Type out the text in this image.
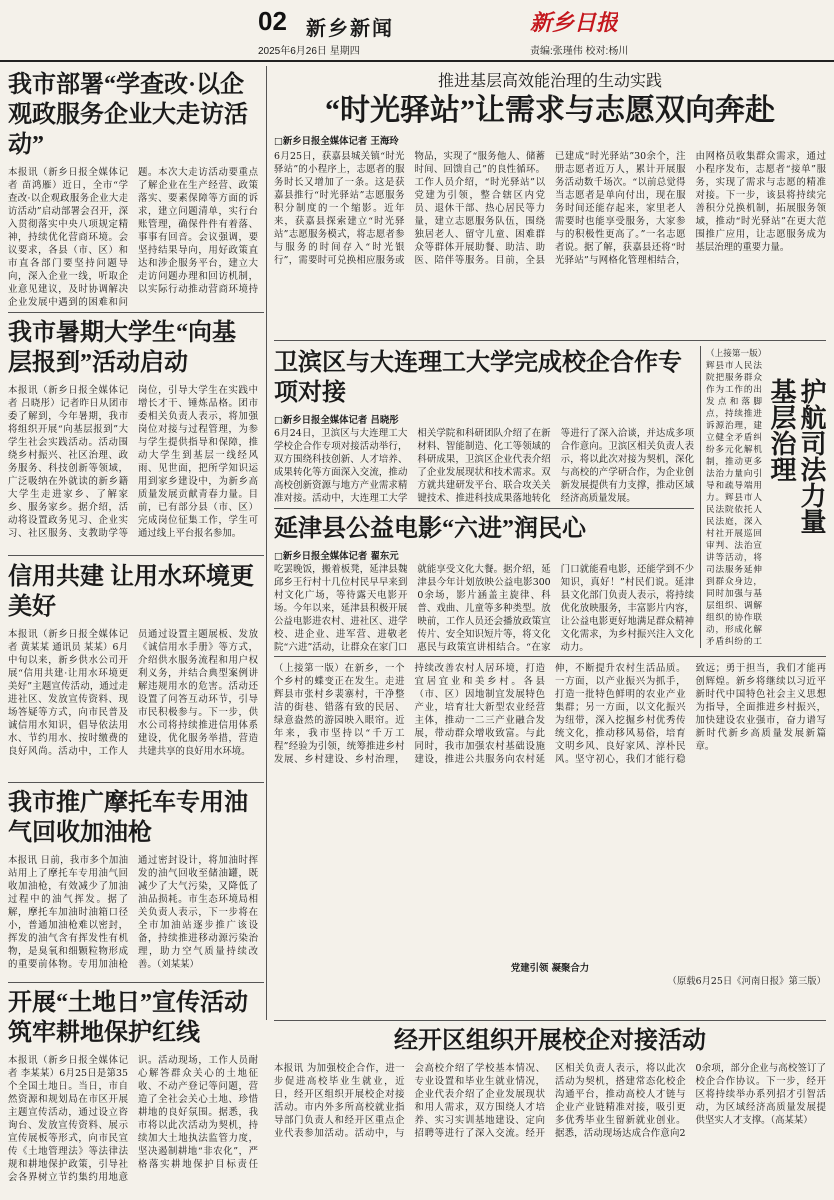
02 新乡新闻	新乡日报
2025年6月26日 星期四	责编:张瑾伟 校对:杨川
我市部署“学查改·以企观政服务企业大走访活动”
本报讯（新乡日报全媒体记者 苗鸿雁）近日，全市“学查改·以企观政服务企业大走访活动”启动部署会召开，深入贯彻落实中央八项规定精神，持续优化营商环境。会议要求，各县（市、区）和市直各部门要坚持问题导向，深入企业一线，听取企业意见建议，及时协调解决企业发展中遇到的困难和问题。本次大走访活动要重点了解企业在生产经营、政策落实、要素保障等方面的诉求，建立问题清单，实行台账管理，确保件件有着落、事事有回音。会议强调，要坚持结果导向，用好政策直达和涉企服务平台，建立大走访问题办理和回访机制，以实际行动推动营商环境持
我市暑期大学生“向基层报到”活动启动
本报讯（新乡日报全媒体记者 吕晓彤）记者昨日从团市委了解到，今年暑期，我市将组织开展“向基层报到”大学生社会实践活动。活动围绕乡村振兴、社区治理、政务服务、科技创新等领域，广泛吸纳在外就读的新乡籍大学生走进家乡、了解家乡、服务家乡。据介绍，活动将设置政务见习、企业实习、社区服务、支教助学等岗位，引导大学生在实践中增长才干、锤炼品格。团市委相关负责人表示，将加强岗位对接与过程管理，为参与学生提供指导和保障，推动大学生到基层一线经风雨、见世面，把所学知识运用到家乡建设中，为新乡高质量发展贡献青春力量。目前，已有部分县（市、区）完成岗位征集工作，学生可通过线上平台报名参加。
信用共建 让用水环境更美好
本报讯（新乡日报全媒体记者 黄某某 通讯员 某某）6月中旬以来，新乡供水公司开展“信用共建·让用水环境更美好”主题宣传活动，通过走进社区、发放宣传资料、现场答疑等方式，向市民普及诚信用水知识，倡导依法用水、节约用水、按时缴费的良好风尚。活动中，工作人员通过设置主题展板、发放《诚信用水手册》等方式，介绍供水服务流程和用户权利义务，并结合典型案例讲解违规用水的危害。活动还设置了问答互动环节，引导市民积极参与。下一步，供水公司将持续推进信用体系建设，优化服务举措，营造共建共享的良好用水环境。
我市推广摩托车专用油气回收加油枪
本报讯 日前，我市多个加油站用上了摩托车专用油气回收加油枪，有效减少了加油过程中的油气挥发。据了解，摩托车加油时油箱口径小，普通加油枪难以密封，挥发的油气含有挥发性有机物，是臭氧和细颗粒物形成的重要前体物。专用加油枪通过密封设计，将加油时挥发的油气回收至储油罐，既减少了大气污染，又降低了油品损耗。市生态环境局相关负责人表示，下一步将在全市加油站逐步推广该设备，持续推进移动源污染治理，助力空气质量持续改善。（刘某某）
开展“土地日”宣传活动 筑牢耕地保护红线
本报讯（新乡日报全媒体记者 李某某）6月25日是第35个全国土地日。当日，市自然资源和规划局在市区开展主题宣传活动，通过设立咨询台、发放宣传资料、展示宣传展板等形式，向市民宣传《土地管理法》等法律法规和耕地保护政策，引导社会各界树立节约集约用地意识。活动现场，工作人员耐心解答群众关心的土地征收、不动产登记等问题，营造了全社会关心土地、珍惜耕地的良好氛围。据悉，我市将以此次活动为契机，持续加大土地执法监管力度，坚决遏制耕地“非农化”，严格落实耕地保护目标责任
推进基层高效能治理的生动实践
“时光驿站”让需求与志愿双向奔赴
□新乡日报全媒体记者 王海玲
6月25日，获嘉县城关镇“时光驿站”的小程序上，志愿者的服务时长又增加了一条。这是获嘉县推行“时光驿站”志愿服务积分制度的一个缩影。近年来，获嘉县探索建立“时光驿站”志愿服务模式，将志愿者参与服务的时间存入“时光银行”，需要时可兑换相应服务或物品，实现了“服务他人、储蓄时间、回馈自己”的良性循环。工作人员介绍，“时光驿站”以党建为引领，整合辖区内党员、退休干部、热心居民等力量，建立志愿服务队伍，围绕独居老人、留守儿童、困难群众等群体开展助餐、助洁、助医、陪伴等服务。目前，全县已建成“时光驿站”30余个，注册志愿者近万人，累计开展服务活动数千场次。“以前总觉得当志愿者是单向付出，现在服务时间还能存起来，家里老人需要时也能享受服务，大家参与的积极性更高了。”一名志愿者说。据了解，获嘉县还将“时光驿站”与网格化管理相结合，由网格员收集群众需求，通过小程序发布，志愿者“接单”服务，实现了需求与志愿的精准对接。下一步，该县将持续完善积分兑换机制，拓展服务领域，推动“时光驿站”在更大范围推广应用，让志愿服务成为基层治理的重要力量。
卫滨区与大连理工大学完成校企合作专项对接
□新乡日报全媒体记者 吕晓彤
6月24日，卫滨区与大连理工大学校企合作专项对接活动举行，双方围绕科技创新、人才培养、成果转化等方面深入交流，推动高校创新资源与地方产业需求精准对接。活动中，大连理工大学相关学院和科研团队介绍了在新材料、智能制造、化工等领域的科研成果，卫滨区企业代表介绍了企业发展现状和技术需求。双方就共建研发平台、联合攻关关键技术、推进科技成果落地转化等进行了深入洽谈，并达成多项合作意向。卫滨区相关负责人表示，将以此次对接为契机，深化与高校的产学研合作，为企业创新发展提供有力支撑，推动区域经济高质量发展。
延津县公益电影“六进”润民心
□新乡日报全媒体记者 翟东元
吃罢晚饭，搬着板凳，延津县魏邱乡王行村十几位村民早早来到村文化广场，等待露天电影开场。今年以来，延津县积极开展公益电影进农村、进社区、进学校、进企业、进军营、进敬老院“六进”活动，让群众在家门口就能享受文化大餐。据介绍，延津县今年计划放映公益电影3000余场，影片涵盖主旋律、科普、戏曲、儿童等多种类型。放映前，工作人员还会播放政策宣传片、安全知识短片等，将文化惠民与政策宣讲相结合。“在家门口就能看电影，还能学到不少知识，真好！”村民们说。延津县文化部门负责人表示，将持续优化放映服务，丰富影片内容，让公益电影更好地满足群众精神文化需求，为乡村振兴注入文化动力。
护航司法力量 基层治理
（上接第一版）辉县市人民法院把服务群众作为工作的出发点和落脚点，持续推进诉源治理，建立健全矛盾纠纷多元化解机制，推动更多法治力量向引导和疏导端用力。辉县市人民法院依托人民法庭，深入村社开展巡回审判、法治宣讲等活动，将司法服务延伸到群众身边，同时加强与基层组织、调解组织的协作联动，形成化解矛盾纠纷的工
（上接第一版）在新乡，一个个乡村的蝶变正在发生。走进辉县市张村乡裴寨村，干净整洁的街巷、错落有致的民居、绿意盎然的游园映入眼帘。近年来，我市坚持以“千万工程”经验为引领，统筹推进乡村发展、乡村建设、乡村治理，持续改善农村人居环境，打造宜居宜业和美乡村。各县（市、区）因地制宜发展特色产业，培育壮大新型农业经营主体，推动一二三产业融合发展，带动群众增收致富。与此同时，我市加强农村基础设施建设，推进公共服务向农村延伸，不断提升农村生活品质。一方面，以产业振兴为抓手，打造一批特色鲜明的农业产业集群；另一方面，以文化振兴为纽带，深入挖掘乡村优秀传统文化，推动移风易俗，培育文明乡风、良好家风、淳朴民风。坚守初心，我们才能行稳致远；勇于担当，我们才能再创辉煌。新乡将继续以习近平新时代中国特色社会主义思想为指导，全面推进乡村振兴，加快建设农业强市，奋力谱写新时代新乡高质量发展新篇章。
党建引领 凝聚合力
（原载6月25日《河南日报》第三版）
经开区组织开展校企对接活动
本报讯 为加强校企合作，进一步促进高校毕业生就业，近日，经开区组织开展校企对接活动。市内外多所高校就业指导部门负责人和经开区重点企业代表参加活动。活动中，与会高校介绍了学校基本情况、专业设置和毕业生就业情况，企业代表介绍了企业发展现状和用人需求，双方围绕人才培养、实习实训基地建设、定向招聘等进行了深入交流。经开区相关负责人表示，将以此次活动为契机，搭建常态化校企沟通平台，推动高校人才链与企业产业链精准对接，吸引更多优秀毕业生留新就业创业。据悉，活动现场达成合作意向20余项，部分企业与高校签订了校企合作协议。下一步，经开区将持续举办系列招才引智活动，为区域经济高质量发展提供坚实人才支撑。（高某某）
